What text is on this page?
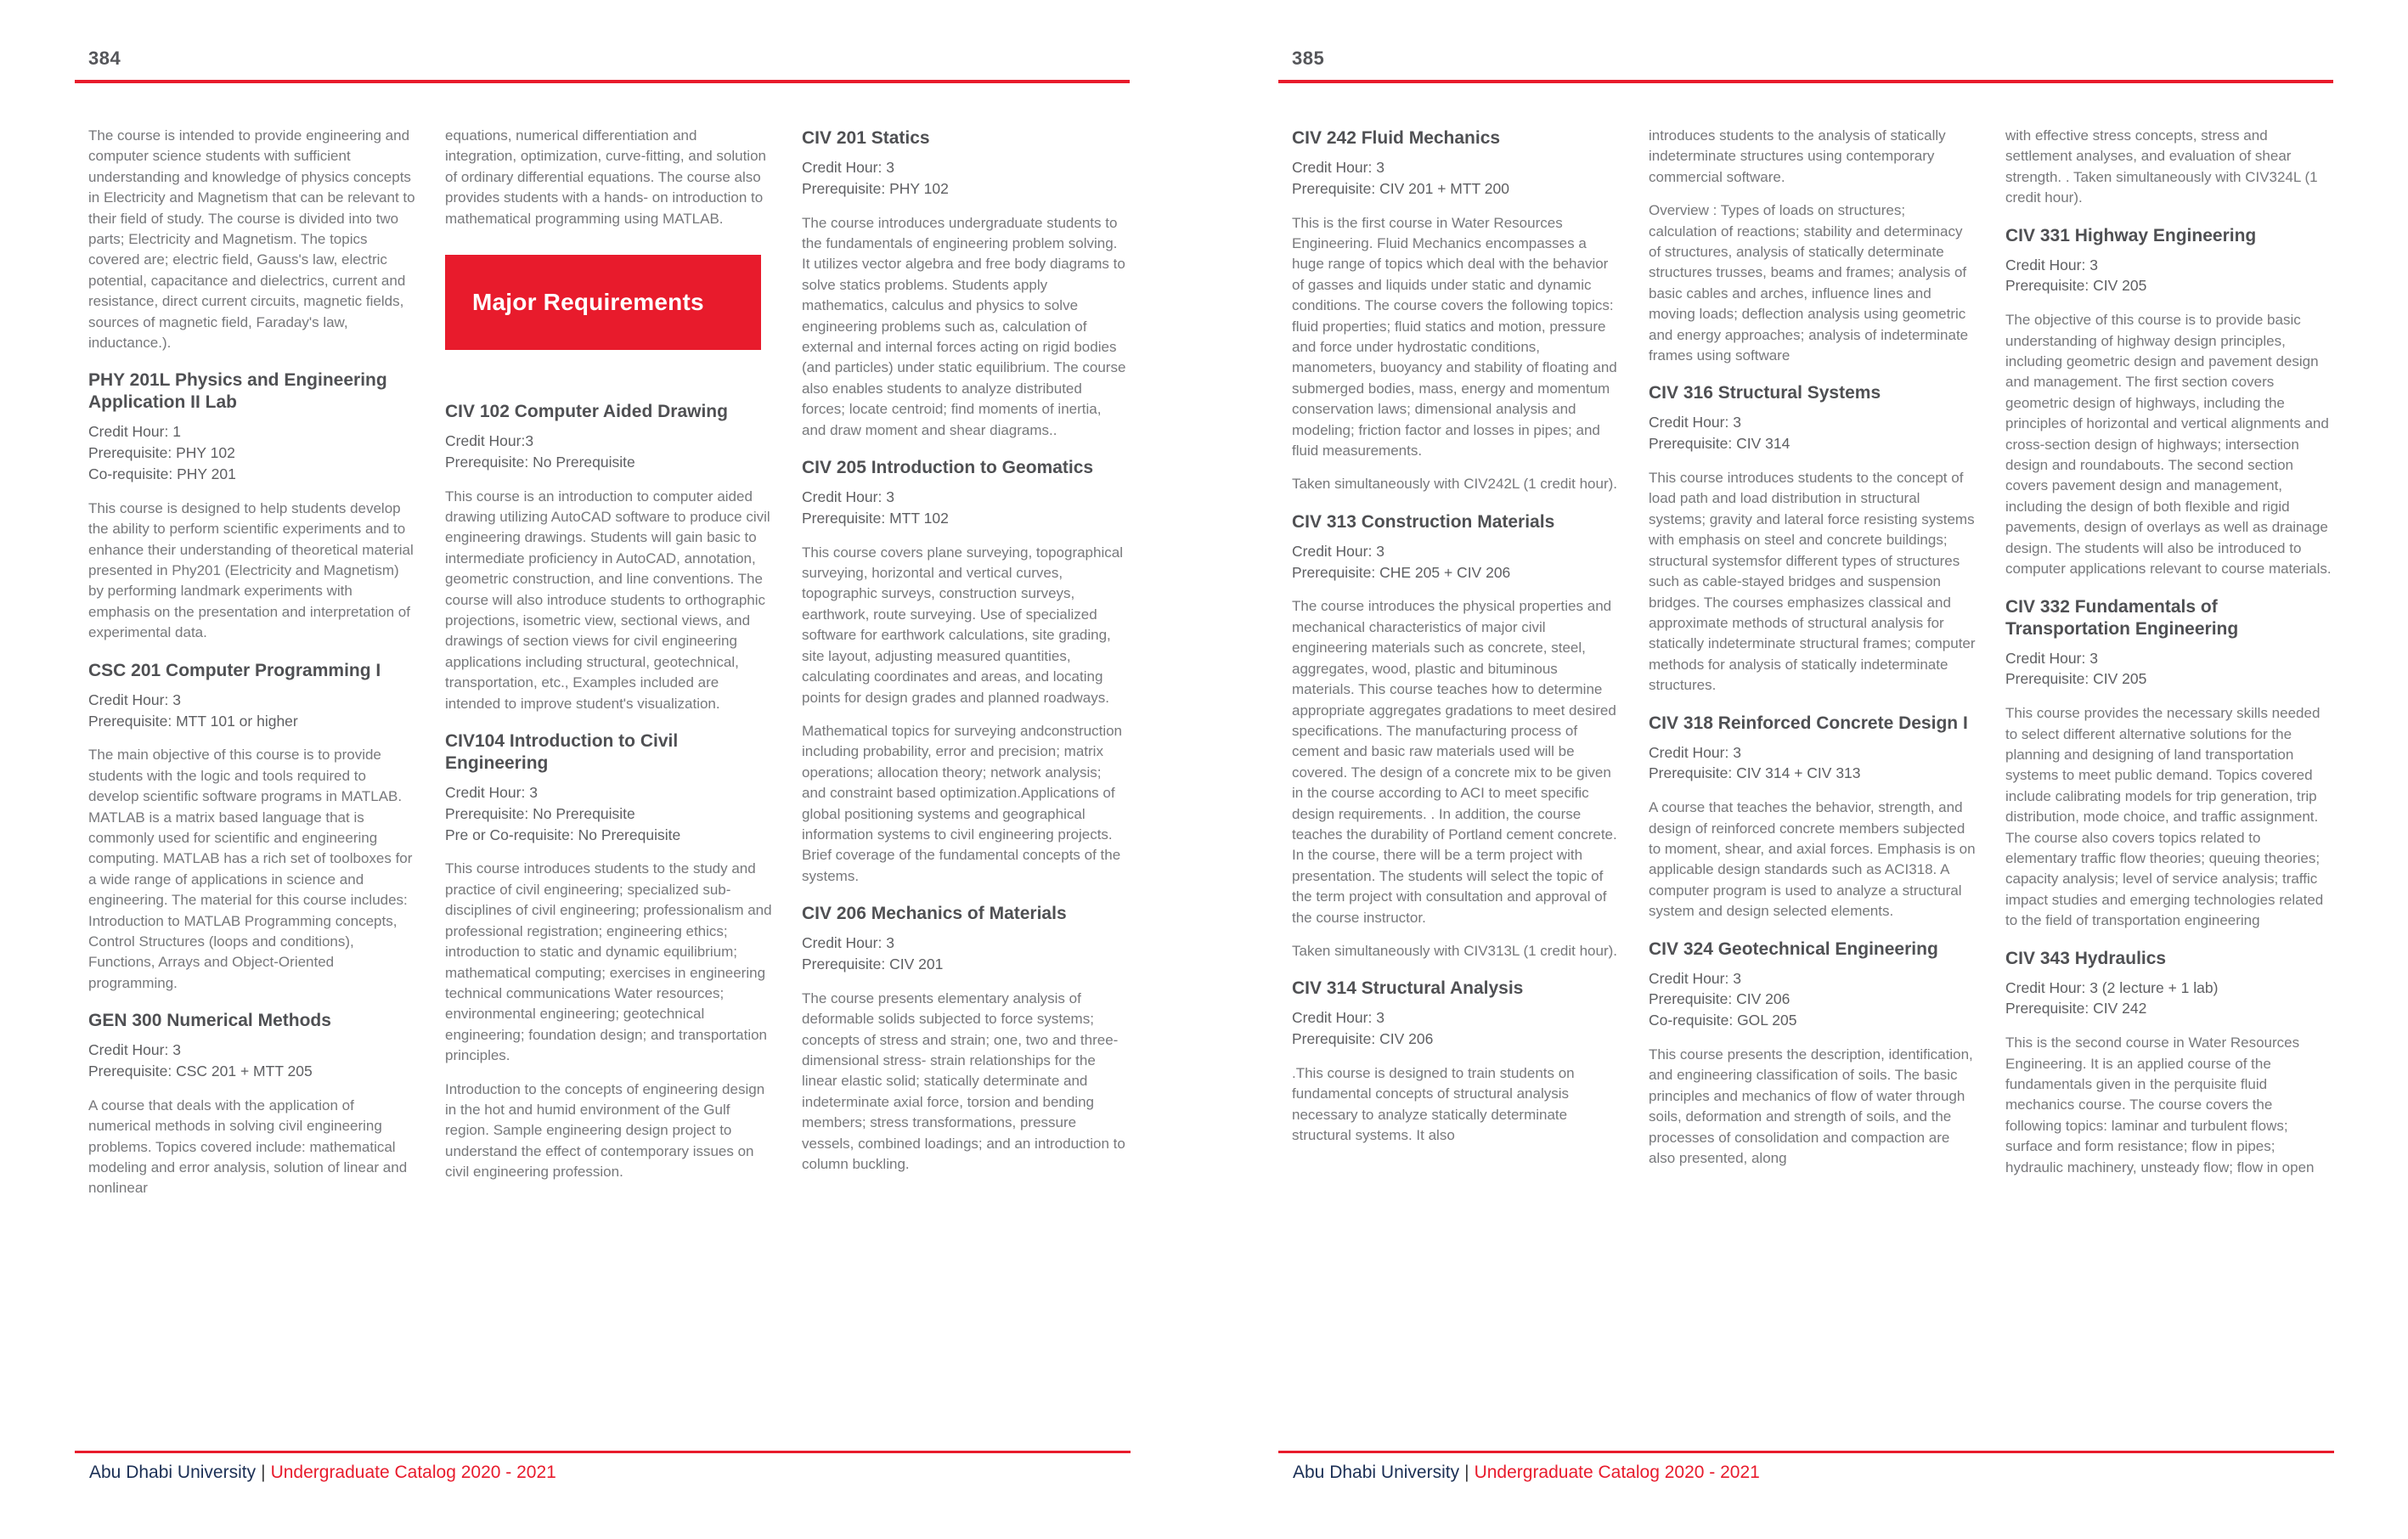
384

The course is intended to provide engineering and computer science students with sufficient understanding and knowledge of physics concepts in Electricity and Magnetism that can be relevant to their field of study. The course is divided into two parts; Electricity and Magnetism. The topics covered are; electric field, Gauss's law, electric potential, capacitance and dielectrics, current and resistance, direct current circuits, magnetic fields, sources of magnetic field, Faraday's law, inductance.).

PHY 201L Physics and Engineering Application II Lab
Credit Hour: 1
Prerequisite: PHY 102
Co-requisite: PHY 201

This course is designed to help students develop the ability to perform scientific experiments and to enhance their understanding of theoretical material presented in Phy201 (Electricity and Magnetism) by performing landmark experiments with emphasis on the presentation and interpretation of experimental data.

CSC 201 Computer Programming I
Credit Hour: 3
Prerequisite: MTT 101 or higher

The main objective of this course is to provide students with the logic and tools required to develop scientific software programs in MATLAB. MATLAB is a matrix based language that is commonly used for scientific and engineering computing. MATLAB has a rich set of toolboxes for a wide range of applications in science and engineering. The material for this course includes: Introduction to MATLAB Programming concepts, Control Structures (loops and conditions), Functions, Arrays and Object-Oriented programming.

GEN 300 Numerical Methods
Credit Hour: 3
Prerequisite: CSC 201 + MTT 205

A course that deals with the application of numerical methods in solving civil engineering problems. Topics covered include: mathematical modeling and error analysis, solution of linear and nonlinear

equations, numerical differentiation and integration, optimization, curve-fitting, and solution of ordinary differential equations. The course also provides students with a hands- on introduction to mathematical programming using MATLAB.

Major Requirements
CIV 102 Computer Aided Drawing
Credit Hour:3
Prerequisite: No Prerequisite

This course is an introduction to computer aided drawing utilizing AutoCAD software to produce civil engineering drawings. Students will gain basic to intermediate proficiency in AutoCAD, annotation, geometric construction, and line conventions. The course will also introduce students to orthographic projections, isometric view, sectional views, and drawings of section views for civil engineering applications including structural, geotechnical, transportation, etc., Examples included are intended to improve student's visualization.

CIV104 Introduction to Civil Engineering
Credit Hour: 3
Prerequisite: No Prerequisite
Pre or Co-requisite: No Prerequisite

This course introduces students to the study and practice of civil engineering; specialized sub- disciplines of civil engineering; professionalism and professional registration; engineering ethics; introduction to static and dynamic equilibrium; mathematical computing; exercises in engineering technical communications Water resources; environmental engineering; geotechnical engineering; foundation design; and transportation principles.

Introduction to the concepts of engineering design in the hot and humid environment of the Gulf region. Sample engineering design project to understand the effect of contemporary issues on civil engineering profession.

CIV 201 Statics
Credit Hour: 3
Prerequisite: PHY 102

The course introduces undergraduate students to the fundamentals of engineering problem solving. It utilizes vector algebra and free body diagrams to solve statics problems. Students apply mathematics, calculus and physics to solve engineering problems such as, calculation of external and internal forces acting on rigid bodies (and particles) under static equilibrium. The course also enables students to analyze distributed forces; locate centroid; find moments of inertia, and draw moment and shear diagrams..

CIV 205 Introduction to Geomatics
Credit Hour: 3
Prerequisite: MTT 102

This course covers plane surveying, topographical surveying, horizontal and vertical curves, topographic surveys, construction surveys, earthwork, route surveying. Use of specialized software for earthwork calculations, site grading, site layout, adjusting measured quantities, calculating coordinates and areas, and locating points for design grades and planned roadways.

Mathematical topics for surveying andconstruction including probability, error and precision; matrix operations; allocation theory; network analysis; and constraint based optimization.Applications of global positioning systems and geographical information systems to civil engineering projects. Brief coverage of the fundamental concepts of the systems.

CIV 206 Mechanics of Materials
Credit Hour: 3
Prerequisite: CIV 201

The course presents elementary analysis of deformable solids subjected to force systems; concepts of stress and strain; one, two and three-dimensional stress- strain relationships for the linear elastic solid; statically determinate and indeterminate axial force, torsion and bending members; stress transformations, pressure vessels, combined loadings; and an introduction to column buckling.

Abu Dhabi University | Undergraduate Catalog 2020 - 2021
385
CIV 242 Fluid Mechanics
Credit Hour: 3
Prerequisite: CIV 201 + MTT 200

This is the first course in Water Resources Engineering. Fluid Mechanics encompasses a huge range of topics which deal with the behavior of gasses and liquids under static and dynamic conditions. The course covers the following topics: fluid properties; fluid statics and motion, pressure and force under hydrostatic conditions, manometers, buoyancy and stability of floating and submerged bodies, mass, energy and momentum conservation laws; dimensional analysis and modeling; friction factor and losses in pipes; and fluid measurements.

Taken simultaneously with CIV242L (1 credit hour).

CIV 313 Construction Materials
Credit Hour: 3
Prerequisite: CHE 205 + CIV 206

The course introduces the physical properties and mechanical characteristics of major civil engineering materials such as concrete, steel, aggregates, wood, plastic and bituminous materials. This course teaches how to determine appropriate aggregates gradations to meet desired specifications. The manufacturing process of cement and basic raw materials used will be covered. The design of a concrete mix to be given in the course according to ACI to meet specific design requirements. . In addition, the course teaches the durability of Portland cement concrete. In the course, there will be a term project with presentation. The students will select the topic of the term project with consultation and approval of the course instructor.

Taken simultaneously with CIV313L (1 credit hour).

CIV 314 Structural Analysis
Credit Hour: 3
Prerequisite: CIV 206

.This course is designed to train students on fundamental concepts of structural analysis necessary to analyze statically determinate structural systems. It also

introduces students to the analysis of statically indeterminate structures using contemporary commercial software.

Overview : Types of loads on structures; calculation of reactions; stability and determinacy of structures, analysis of statically determinate structures trusses, beams and frames; analysis of basic cables and arches, influence lines and moving loads; deflection analysis using geometric and energy approaches; analysis of indeterminate frames using software

CIV 316 Structural Systems
Credit Hour: 3
Prerequisite: CIV 314

This course introduces students to the concept of load path and load distribution in structural systems; gravity and lateral force resisting systems with emphasis on steel and concrete buildings; structural systemsfor different types of structures such as cable-stayed bridges and suspension bridges. The courses emphasizes classical and approximate methods of structural analysis for statically indeterminate structural frames; computer methods for analysis of statically indeterminate structures.

CIV 318 Reinforced Concrete Design I
Credit Hour: 3
Prerequisite: CIV 314 + CIV 313

A course that teaches the behavior, strength, and design of reinforced concrete members subjected to moment, shear, and axial forces. Emphasis is on applicable design standards such as ACI318. A computer program is used to analyze a structural system and design selected elements.

CIV 324 Geotechnical Engineering
Credit Hour: 3
Prerequisite: CIV 206
Co-requisite: GOL 205

This course presents the description, identification, and engineering classification of soils. The basic principles and mechanics of flow of water through soils, deformation and strength of soils, and the processes of consolidation and compaction are also presented, along

with effective stress concepts, stress and settlement analyses, and evaluation of shear strength. . Taken simultaneously with CIV324L (1 credit hour).

CIV 331 Highway Engineering
Credit Hour: 3
Prerequisite: CIV 205

The objective of this course is to provide basic understanding of highway design principles, including geometric design and pavement design and management. The first section covers geometric design of highways, including the principles of horizontal and vertical alignments and cross-section design of highways; intersection design and roundabouts. The second section covers pavement design and management, including the design of both flexible and rigid pavements, design of overlays as well as drainage design. The students will also be introduced to computer applications relevant to course materials.

CIV 332 Fundamentals of Transportation Engineering
Credit Hour: 3
Prerequisite: CIV 205

This course provides the necessary skills needed to select different alternative solutions for the planning and designing of land transportation systems to meet public demand. Topics covered include calibrating models for trip generation, trip distribution, mode choice, and traffic assignment. The course also covers topics related to elementary traffic flow theories; queuing theories; capacity analysis; level of service analysis; traffic impact studies and emerging technologies related to the field of transportation engineering

CIV 343 Hydraulics
Credit Hour: 3 (2 lecture + 1 lab)
Prerequisite: CIV 242

This is the second course in Water Resources Engineering. It is an applied course of the fundamentals given in the perquisite fluid mechanics course. The course covers the following topics: laminar and turbulent flows; surface and form resistance; flow in pipes; hydraulic machinery, unsteady flow; flow in open

Abu Dhabi University | Undergraduate Catalog 2020 - 2021
